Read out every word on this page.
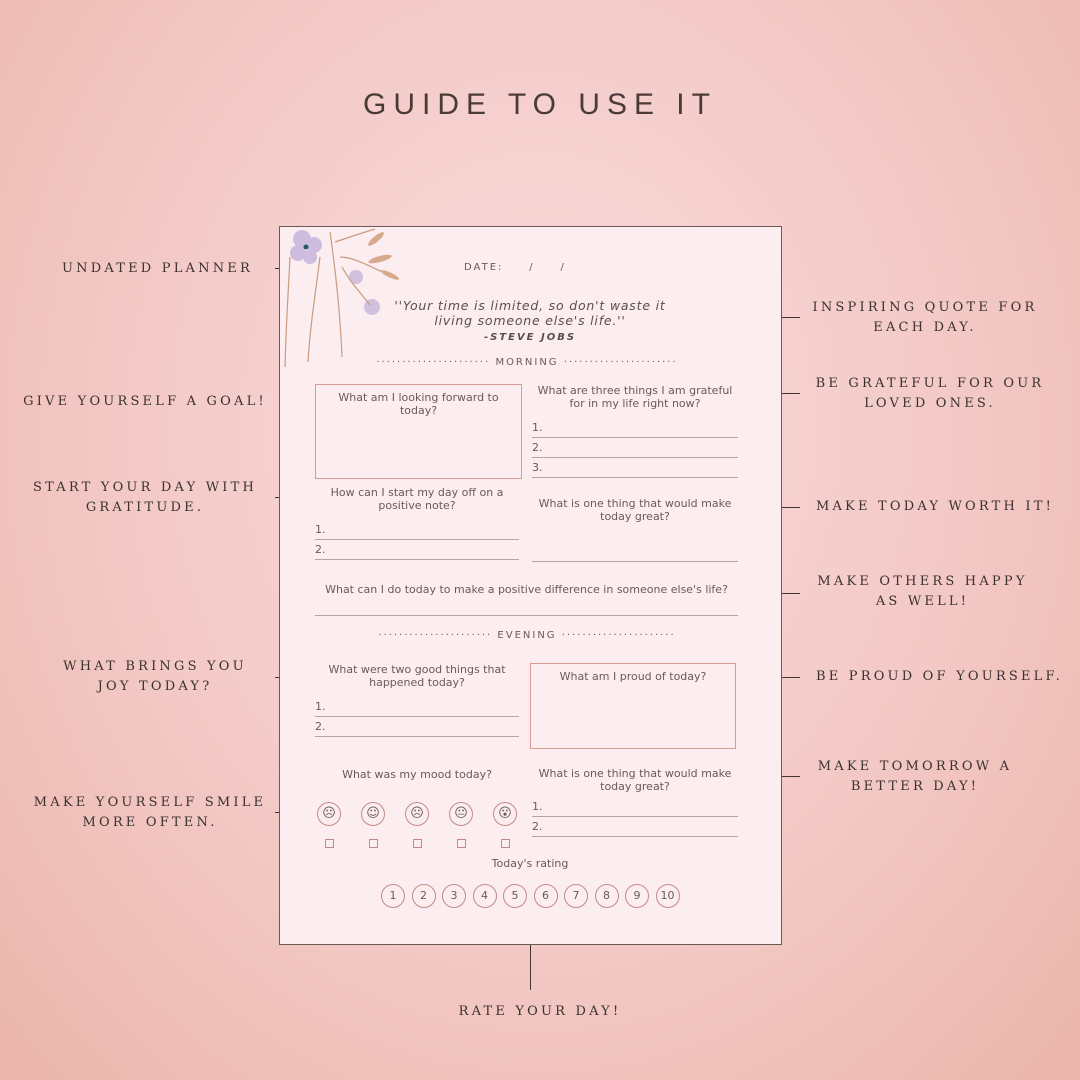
GUIDE TO USE IT
UNDATED PLANNER
GIVE YOURSELF A GOAL!
START YOUR DAY WITH GRATITUDE.
WHAT BRINGS YOU JOY TODAY?
MAKE YOURSELF SMILE MORE OFTEN.
INSPIRING QUOTE FOR EACH DAY.
BE GRATEFUL FOR OUR LOVED ONES.
MAKE TODAY WORTH IT!
MAKE OTHERS HAPPY AS WELL!
BE PROUD OF YOURSELF.
MAKE TOMORROW A BETTER DAY!
RATE YOUR DAY!
DATE:     /     /
''Your time is limited, so don't waste it living someone else's life.''
-STEVE JOBS
······················ MORNING ······················
What am I looking forward to today?
What are three things I am grateful for in my life right now?
1.
2.
3.
How can I start my day off on a positive note?
1.
2.
What is one thing that would make today great?
What can I do today to make a positive difference in someone else's life?
······················ EVENING ······················
What were two good things that happened today?
1.
2.
What am I proud of today?
What was my mood today?	What is one thing that would make today great?
1.
2.
☹	☺	☹	😐	😮
Today's rating
1	2	3	4	5	6	7	8	9	10
